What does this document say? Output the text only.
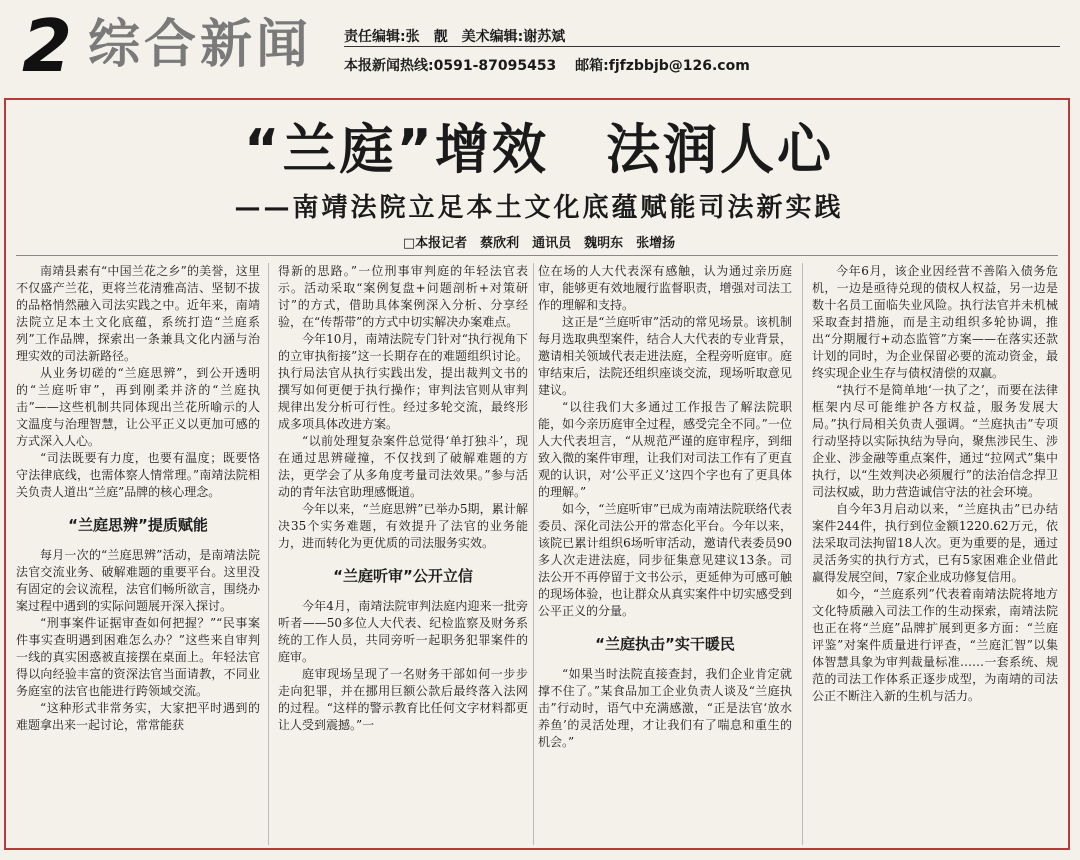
2 综合新闻 责任编辑:张　靓　美术编辑:谢苏斌
本报新闻热线:0591-87095453　 邮箱:fjfzbbjb@126.com
“兰庭”增效　法润人心
——南靖法院立足本土文化底蕴赋能司法新实践
□本报记者　蔡欣利　通讯员　魏明东　张增扬

南靖县素有“中国兰花之乡”的美誉，这里不仅盛产兰花，更将兰花清雅高洁、坚韧不拔的品格悄然融入司法实践之中。近年来，南靖法院立足本土文化底蕴，系统打造“兰庭系列”工作品牌，探索出一条兼具文化内涵与治理实效的司法新路径。

从业务切磋的“兰庭思辨”，到公开透明的“兰庭听审”，再到刚柔并济的“兰庭执击”——这些机制共同体现出兰花所喻示的人文温度与治理智慧，让公平正义以更加可感的方式深入人心。

“司法既要有力度，也要有温度；既要恪守法律底线，也需体察人情常理。”南靖法院相关负责人道出“兰庭”品牌的核心理念。

“兰庭思辨”提质赋能

每月一次的“兰庭思辨”活动，是南靖法院法官交流业务、破解难题的重要平台。这里没有固定的会议流程，法官们畅所欲言，围绕办案过程中遇到的实际问题展开深入探讨。

“刑事案件证据审查如何把握？”“民事案件事实查明遇到困难怎么办？”这些来自审判一线的真实困惑被直接摆在桌面上。年轻法官得以向经验丰富的资深法官当面请教，不同业务庭室的法官也能进行跨领域交流。

“这种形式非常务实，大家把平时遇到的难题拿出来一起讨论，常常能获

得新的思路。”一位刑事审判庭的年轻法官表示。活动采取“案例复盘+问题剖析+对策研讨”的方式，借助具体案例深入分析、分享经验，在“传帮带”的方式中切实解决办案难点。

今年10月，南靖法院专门针对“执行视角下的立审执衔接”这一长期存在的难题组织讨论。执行局法官从执行实践出发，提出裁判文书的撰写如何更便于执行操作；审判法官则从审判规律出发分析可行性。经过多轮交流，最终形成多项具体改进方案。

“以前处理复杂案件总觉得‘单打独斗’，现在通过思辨碰撞，不仅找到了破解难题的方法，更学会了从多角度考量司法效果。”参与活动的青年法官助理感慨道。

今年以来，“兰庭思辨”已举办5期，累计解决35个实务难题，有效提升了法官的业务能力，进而转化为更优质的司法服务实效。

“兰庭听审”公开立信

今年4月，南靖法院审判法庭内迎来一批旁听者——50多位人大代表、纪检监察及财务系统的工作人员，共同旁听一起职务犯罪案件的庭审。

庭审现场呈现了一名财务干部如何一步步走向犯罪，并在挪用巨额公款后最终落入法网的过程。“这样的警示教育比任何文字材料都更让人受到震撼。”一

位在场的人大代表深有感触，认为通过亲历庭审，能够更有效地履行监督职责，增强对司法工作的理解和支持。

这正是“兰庭听审”活动的常见场景。该机制每月选取典型案件，结合人大代表的专业背景，邀请相关领域代表走进法庭，全程旁听庭审。庭审结束后，法院还组织座谈交流，现场听取意见建议。

“以往我们大多通过工作报告了解法院职能，如今亲历庭审全过程，感受完全不同。”一位人大代表坦言，“从规范严谨的庭审程序，到细致入微的案件审理，让我们对司法工作有了更直观的认识，对‘公平正义’这四个字也有了更具体的理解。”

如今，“兰庭听审”已成为南靖法院联络代表委员、深化司法公开的常态化平台。今年以来，该院已累计组织6场听审活动，邀请代表委员90多人次走进法庭，同步征集意见建议13条。司法公开不再停留于文书公示，更延伸为可感可触的现场体验，也让群众从真实案件中切实感受到公平正义的分量。

“兰庭执击”实干暖民

“如果当时法院直接查封，我们企业肯定就撑不住了。”某食品加工企业负责人谈及“兰庭执击”行动时，语气中充满感激，“正是法官‘放水养鱼’的灵活处理，才让我们有了喘息和重生的机会。”

今年6月，该企业因经营不善陷入债务危机，一边是亟待兑现的债权人权益，另一边是数十名员工面临失业风险。执行法官并未机械采取查封措施，而是主动组织多轮协调，推出“分期履行+动态监管”方案——在落实还款计划的同时，为企业保留必要的流动资金，最终实现企业生存与债权清偿的双赢。

“执行不是简单地‘一执了之’，而要在法律框架内尽可能维护各方权益，服务发展大局。”执行局相关负责人强调。“兰庭执击”专项行动坚持以实际执结为导向，聚焦涉民生、涉企业、涉金融等重点案件，通过“拉网式”集中执行，以“生效判决必须履行”的法治信念捍卫司法权威，助力营造诚信守法的社会环境。

自今年3月启动以来，“兰庭执击”已办结案件244件，执行到位金额1220.62万元，依法采取司法拘留18人次。更为重要的是，通过灵活务实的执行方式，已有5家困难企业借此赢得发展空间，7家企业成功修复信用。

如今，“兰庭系列”代表着南靖法院将地方文化特质融入司法工作的生动探索，南靖法院也正在将“兰庭”品牌扩展到更多方面：“兰庭评鉴”对案件质量进行评查，“兰庭汇智”以集体智慧具象为审判裁量标准……一套系统、规范的司法工作体系正逐步成型，为南靖的司法公正不断注入新的生机与活力。
